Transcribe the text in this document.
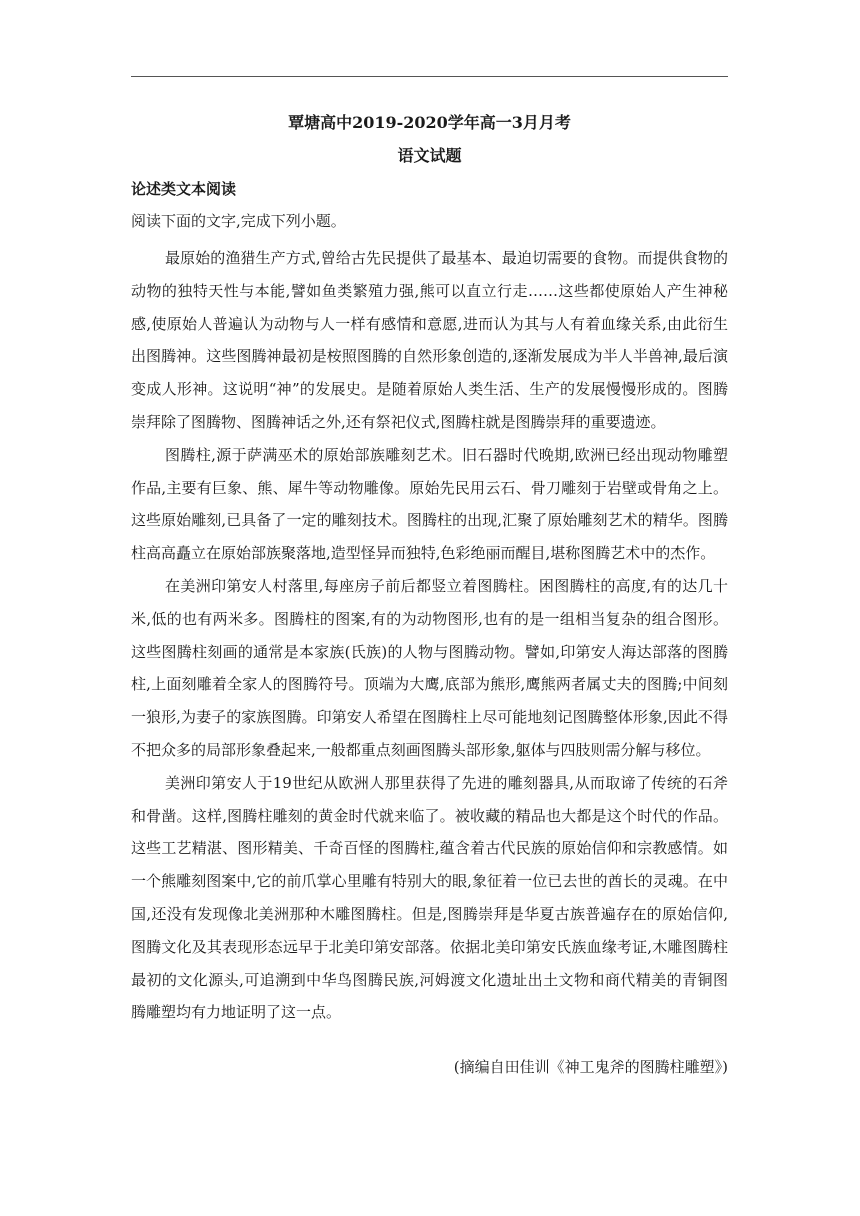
覃塘高中2019-2020学年高一3月月考
语文试题
论述类文本阅读
阅读下面的文字,完成下列小题。
最原始的渔猎生产方式,曾给古先民提供了最基本、最迫切需要的食物。而提供食物的
动物的独特天性与本能,譬如鱼类繁殖力强,熊可以直立行走……这些都使原始人产生神秘
感,使原始人普遍认为动物与人一样有感情和意愿,进而认为其与人有着血缘关系,由此衍生
出图腾神。这些图腾神最初是桉照图腾的自然形象创造的,逐渐发展成为半人半兽神,最后演
变成人形神。这说明“神”的发展史。是随着原始人类生活、生产的发展慢慢形成的。图腾
崇拜除了图腾物、图腾神话之外,还有祭祀仪式,图腾柱就是图腾崇拜的重要遗迹。
图腾柱,源于萨满巫术的原始部族雕刻艺术。旧石器时代晚期,欧洲已经出现动物雕塑
作品,主要有巨象、熊、犀牛等动物雕像。原始先民用云石、骨刀雕刻于岩壁或骨角之上。
这些原始雕刻,已具备了一定的雕刻技术。图腾柱的出现,汇聚了原始雕刻艺术的精华。图腾
柱高高矗立在原始部族聚落地,造型怪异而独特,色彩绝丽而醒目,堪称图腾艺术中的杰作。
在美洲印第安人村落里,每座房子前后都竖立着图腾柱。困图腾柱的高度,有的达几十
米,低的也有两米多。图腾柱的图案,有的为动物图形,也有的是一组相当复杂的组合图形。
这些图腾柱刻画的通常是本家族(氏族)的人物与图腾动物。譬如,印第安人海达部落的图腾
柱,上面刻雕着全家人的图腾符号。顶端为大鹰,底部为熊形,鹰熊两者属丈夫的图腾;中间刻
一狼形,为妻子的家族图腾。印第安人希望在图腾柱上尽可能地刻记图腾整体形象,因此不得
不把众多的局部形象叠起来,一般都重点刻画图腾头部形象,躯体与四肢则需分解与移位。
美洲印第安人于19世纪从欧洲人那里获得了先进的雕刻器具,从而取谛了传统的石斧
和骨凿。这样,图腾柱雕刻的黄金时代就来临了。被收藏的精品也大都是这个时代的作品。
这些工艺精湛、图形精美、千奇百怪的图腾柱,蕴含着古代民族的原始信仰和宗教感情。如
一个熊雕刻图案中,它的前爪掌心里雕有特别大的眼,象征着一位已去世的酋长的灵魂。在中
国,还没有发现像北美洲那种木雕图腾柱。但是,图腾崇拜是华夏古族普遍存在的原始信仰,
图腾文化及其表现形态远早于北美印第安部落。依据北美印第安氏族血缘考证,木雕图腾柱
最初的文化源头,可追溯到中华鸟图腾民族,河姆渡文化遗址出土文物和商代精美的青铜图
腾雕塑均有力地证明了这一点。
(摘编自田佳训《神工鬼斧的图腾柱雕塑》)
